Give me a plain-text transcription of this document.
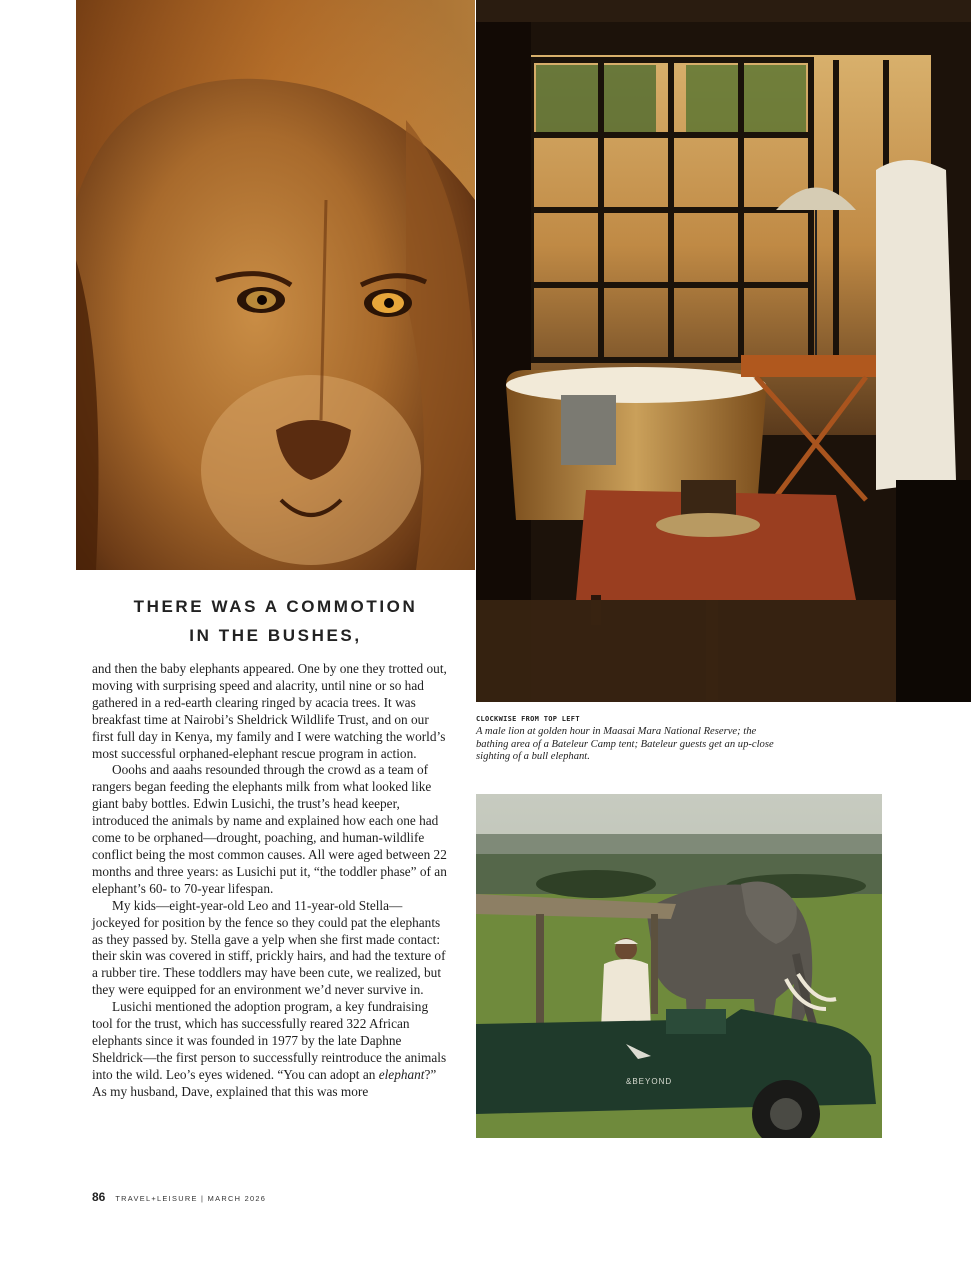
THERE WAS A COMMOTION
IN THE BUSHES,

and then the baby elephants appeared. One by one they trotted out, moving with surprising speed and alacrity, until nine or so had gathered in a red-earth clearing ringed by acacia trees. It was breakfast time at Nairobi’s Sheldrick Wildlife Trust, and on our first full day in Kenya, my family and I were watching the world’s most successful orphaned-elephant rescue program in action.

Ooohs and aaahs resounded through the crowd as a team of rangers began feeding the elephants milk from what looked like giant baby bottles. Edwin Lusichi, the trust’s head keeper, introduced the animals by name and explained how each one had come to be orphaned—drought, poaching, and human-wildlife conflict being the most common causes. All were aged between 22 months and three years: as Lusichi put it, “the toddler phase” of an elephant’s 60- to 70-year lifespan.

My kids—eight-year-old Leo and 11-year-old Stella—jockeyed for position by the fence so they could pat the elephants as they passed by. Stella gave a yelp when she first made contact: their skin was covered in stiff, prickly hairs, and had the texture of a rubber tire. These toddlers may have been cute, we realized, but they were equipped for an environment we’d never survive in.

Lusichi mentioned the adoption program, a key fundraising tool for the trust, which has successfully reared 322 African elephants since it was founded in 1977 by the late Daphne Sheldrick—the first person to successfully reintroduce the animals into the wild. Leo’s eyes widened. “You can adopt an elephant?” As my husband, Dave, explained that this was more

CLOCKWISE FROM TOP LEFT
A male lion at golden hour in Maasai Mara National Reserve; the bathing area of a Bateleur Camp tent; Bateleur guests get an up-close sighting of a bull elephant.
&BEYOND
86 TRAVEL+LEISURE | MARCH 2026
